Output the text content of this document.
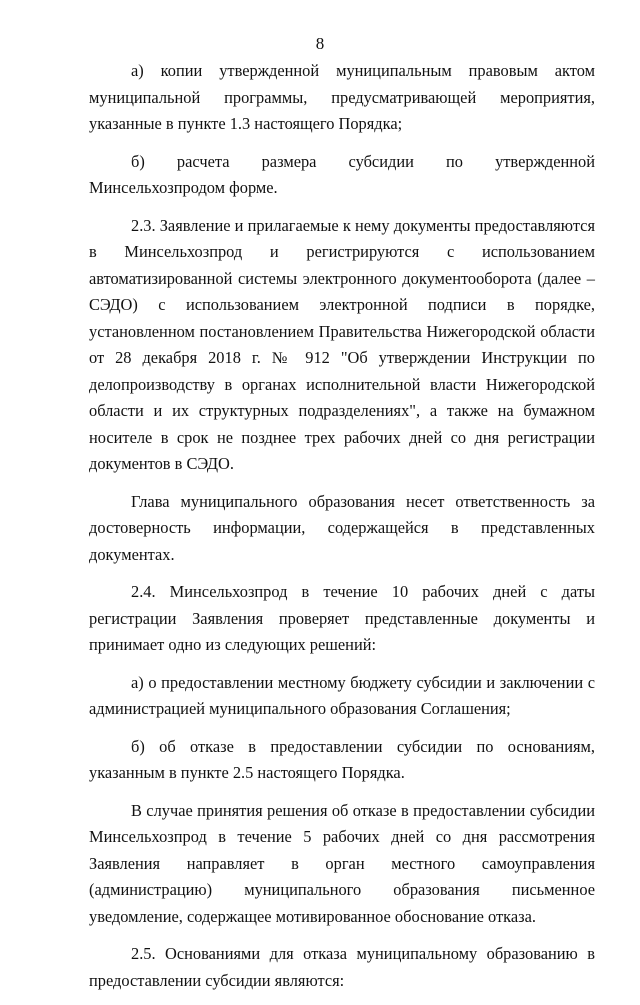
8

а) копии утвержденной муниципальным правовым актом муниципальной программы, предусматривающей мероприятия, указанные в пункте 1.3 настоящего Порядка;

б) расчета размера субсидии по утвержденной Минсельхозпродом форме.

2.3. Заявление и прилагаемые к нему документы предоставляются в Минсельхозпрод и регистрируются с использованием автоматизированной системы электронного документооборота (далее – СЭДО) с использованием электронной подписи в порядке, установленном постановлением Правительства Нижегородской области от 28 декабря 2018 г. № 912 "Об утверждении Инструкции по делопроизводству в органах исполнительной власти Нижегородской области и их структурных подразделениях", а также на бумажном носителе в срок не позднее трех рабочих дней со дня регистрации документов в СЭДО.

Глава муниципального образования несет ответственность за достоверность информации, содержащейся в представленных документах.

2.4. Минсельхозпрод в течение 10 рабочих дней с даты регистрации Заявления проверяет представленные документы и принимает одно из следующих решений:

а) о предоставлении местному бюджету субсидии и заключении с администрацией муниципального образования Соглашения;

б) об отказе в предоставлении субсидии по основаниям, указанным в пункте 2.5 настоящего Порядка.

В случае принятия решения об отказе в предоставлении субсидии Минсельхозпрод в течение 5 рабочих дней со дня рассмотрения Заявления направляет в орган местного самоуправления (администрацию) муниципального образования письменное уведомление, содержащее мотивированное обоснование отказа.

2.5. Основаниями для отказа муниципальному образованию в предоставлении субсидии являются:
